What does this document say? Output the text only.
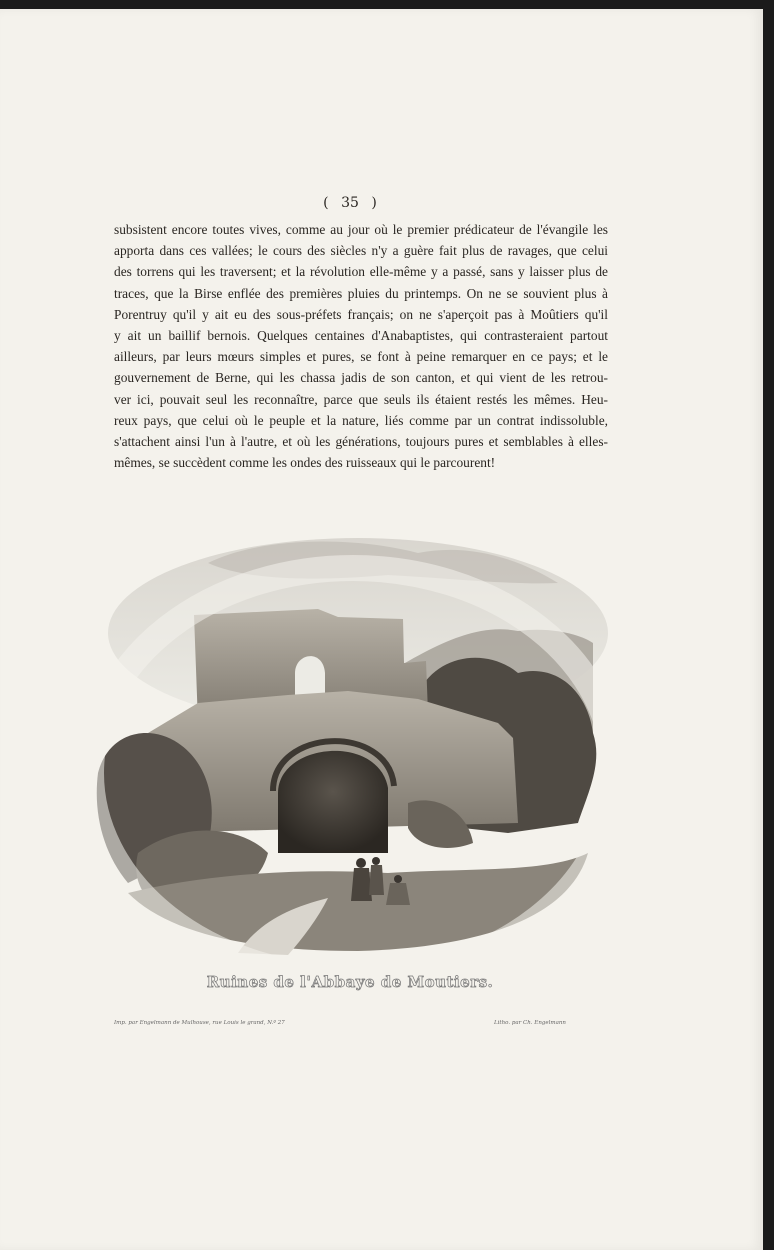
( 35 )
subsistent encore toutes vives, comme au jour où le premier prédicateur de l'évangile les
apporta dans ces vallées; le cours des siècles n'y a guère fait plus de ravages, que celui
des torrens qui les traversent; et la révolution elle-même y a passé, sans y laisser plus de
traces, que la Birse enflée des premières pluies du printemps. On ne se souvient plus à
Porentruy qu'il y ait eu des sous-préfets français; on ne s'aperçoit pas à Moûtiers qu'il
y ait un baillif bernois. Quelques centaines d'Anabaptistes, qui contrasteraient partout
ailleurs, par leurs mœurs simples et pures, se font à peine remarquer en ce pays; et le
gouvernement de Berne, qui les chassa jadis de son canton, et qui vient de les retrou-
ver ici, pouvait seul les reconnaître, parce que seuls ils étaient restés les mêmes. Heu-
reux pays, que celui où le peuple et la nature, liés comme par un contrat indissoluble,
s'attachent ainsi l'un à l'autre, et où les générations, toujours pures et semblables à elles-
mêmes, se succèdent comme les ondes des ruisseaux qui le parcourent!
Ruines de l'Abbaye de Moutiers.
Imp. par Engelmann de Mulhouse, rue Louis le grand, N.º 27	Litho. par Ch. Engelmann
